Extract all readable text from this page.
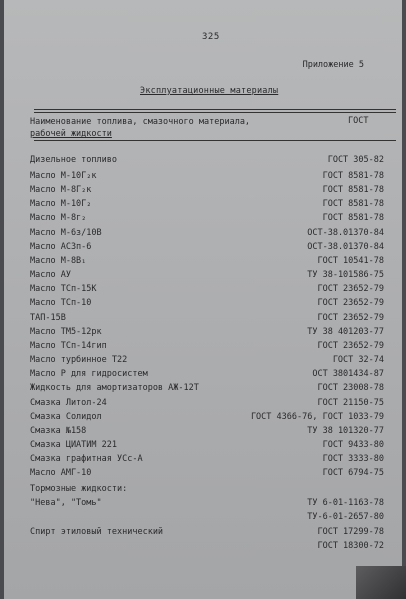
325
Приложение 5
Эксплуатационные материалы
Наименование топлива, смазочного материала,
рабочей жидкости
ГОСТ
Дизельное топливо	ГОСТ 305-82
Масло М-10Г₂к	ГОСТ 8581-78
Масло М-8Г₂к	ГОСТ 8581-78
Масло М-10Г₂	ГОСТ 8581-78
Масло М-8г₂	ГОСТ 8581-78
Масло М-6з/10В	ОСТ-38.01370-84
Масло АСЗп-6	ОСТ-38.01370-84
Масло М-8В₁	ГОСТ 10541-78
Масло АУ	ТУ 38-101586-75
Масло ТСп-15К	ГОСТ 23652-79
Масло ТСп-10	ГОСТ 23652-79
ТАП-15В	ГОСТ 23652-79
Масло ТМ5-12рк	ТУ 38 401203-77
Масло ТСп-14гип	ГОСТ 23652-79
Масло турбинное Т22	ГОСТ 32-74
Масло Р для гидросистем	ОСТ 3801434-87
Жидкость для амортизаторов АЖ-12Т	ГОСТ 23008-78
Смазка Литол-24	ГОСТ 21150-75
Смазка Солидол	ГОСТ 4366-76, ГОСТ 1033-79
Смазка №158	ТУ 38 101320-77
Смазка ЦИАТИМ 221	ГОСТ 9433-80
Смазка графитная УСс-А	ГОСТ 3333-80
Масло АМГ-10	ГОСТ 6794-75
Тормозные жидкости:
"Нева", "Томь"	ТУ 6-01-1163-78
ТУ-6-01-2657-80
Спирт этиловый технический	ГОСТ 17299-78
ГОСТ 18300-72
